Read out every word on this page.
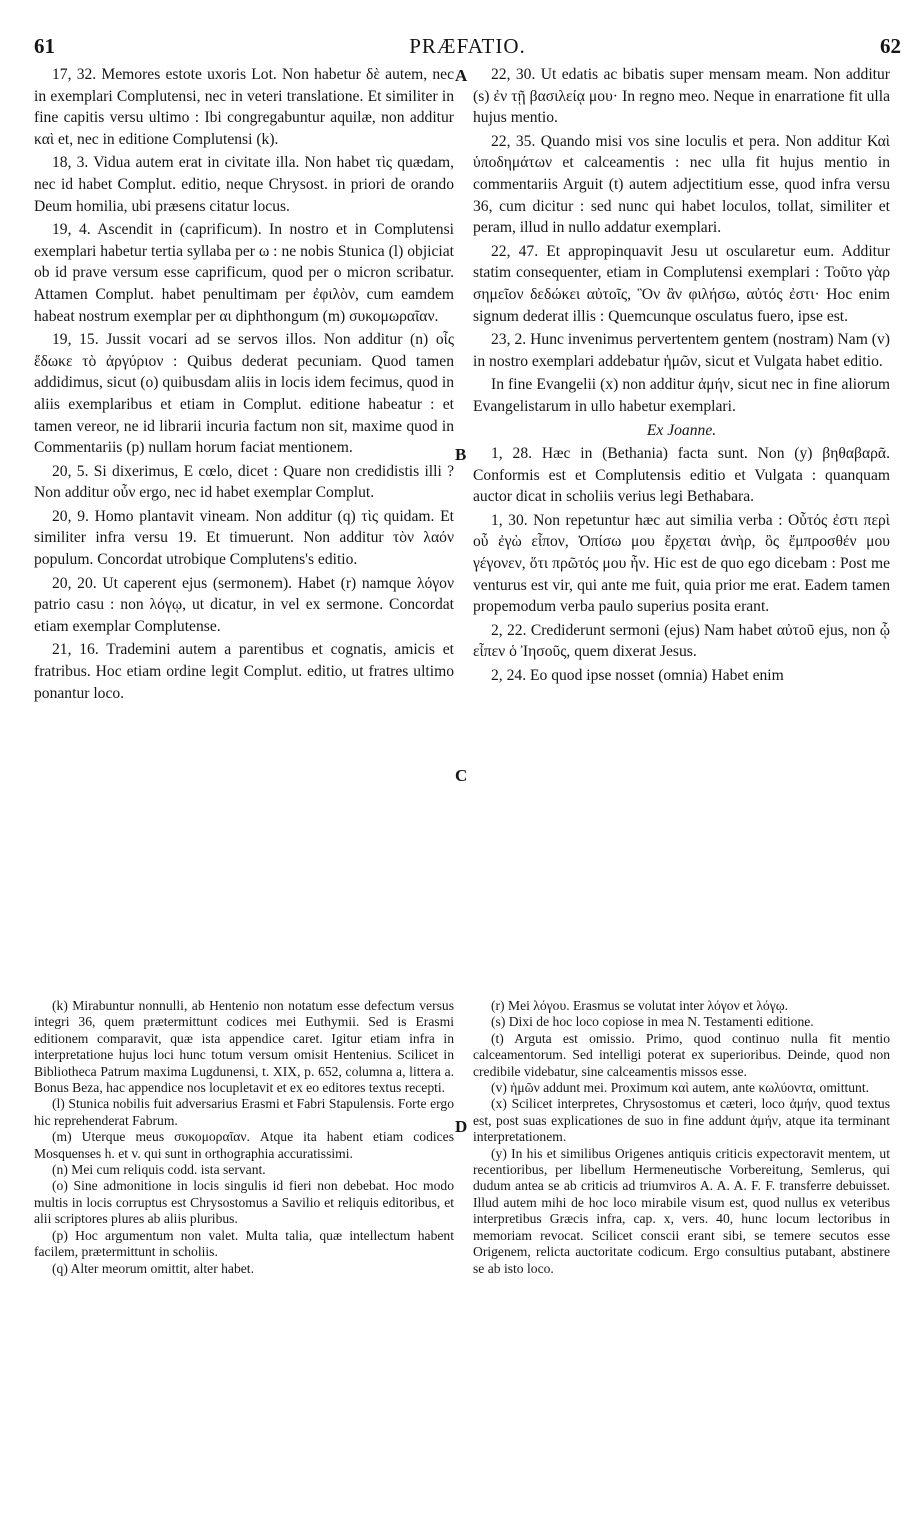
61	PRÆFATIO.	62
A
B
C
D

17, 32. Memores estote uxoris Lot. Non habetur δὲ autem, nec in exemplari Complutensi, nec in veteri translatione. Et similiter in fine capitis versu ultimo : Ibi congregabuntur aquilæ, non additur καὶ et, nec in editione Complutensi (k).

18, 3. Vidua autem erat in civitate illa. Non habet τὶς quædam, nec id habet Complut. editio, neque Chrysost. in priori de orando Deum homilia, ubi præsens citatur locus.

19, 4. Ascendit in (caprificum). In nostro et in Complutensi exemplari habetur tertia syllaba per ω : ne nobis Stunica (l) objiciat ob id prave versum esse caprificum, quod per o micron scribatur. Attamen Complut. habet penultimam per ἐφιλὸν, cum eamdem habeat nostrum exemplar per αι diphthongum (m) συκομωραῖαν.

19, 15. Jussit vocari ad se servos illos. Non additur (n) οἷς ἔδωκε τὸ ἀργύριον : Quibus dederat pecuniam. Quod tamen addidimus, sicut (o) quibusdam aliis in locis idem fecimus, quod in aliis exemplaribus et etiam in Complut. editione habeatur : et tamen vereor, ne id librarii incuria factum non sit, maxime quod in Commentariis (p) nullam horum faciat mentionem.

20, 5. Si dixerimus, E cœlo, dicet : Quare non credidistis illi ? Non additur οὖν ergo, nec id habet exemplar Complut.

20, 9. Homo plantavit vineam. Non additur (q) τὶς quidam. Et similiter infra versu 19. Et timuerunt. Non additur τὸν λαόν populum. Concordat utrobique Complutens's editio.

20, 20. Ut caperent ejus (sermonem). Habet (r) namque λόγον patrio casu : non λόγῳ, ut dicatur, in vel ex sermone. Concordat etiam exemplar Complutense.

21, 16. Trademini autem a parentibus et cognatis, amicis et fratribus. Hoc etiam ordine legit Complut. editio, ut fratres ultimo ponantur loco.

22, 30. Ut edatis ac bibatis super mensam meam. Non additur (s) ἐν τῇ βασιλείᾳ μου· In regno meo. Neque in enarratione fit ulla hujus mentio.

22, 35. Quando misi vos sine loculis et pera. Non additur Καὶ ὑποδημάτων et calceamentis : nec ulla fit hujus mentio in commentariis Arguit (t) autem adjectitium esse, quod infra versu 36, cum dicitur : sed nunc qui habet loculos, tollat, similiter et peram, illud in nullo addatur exemplari.

22, 47. Et appropinquavit Jesu ut oscularetur eum. Additur statim consequenter, etiam in Complutensi exemplari : Τοῦτο γὰρ σημεῖον δεδώκει αὐτοῖς, Ὃν ἂν φιλήσω, αὐτός ἐστι· Hoc enim signum dederat illis : Quemcunque osculatus fuero, ipse est.

23, 2. Hunc invenimus pervertentem gentem (nostram) Nam (v) in nostro exemplari addebatur ἡμῶν, sicut et Vulgata habet editio.

In fine Evangelii (x) non additur ἀμήν, sicut nec in fine aliorum Evangelistarum in ullo habetur exemplari.

Ex Joanne.

1, 28. Hæc in (Bethania) facta sunt. Non (y) βηθαβαρᾶ. Conformis est et Complutensis editio et Vulgata : quanquam auctor dicat in scholiis verius legi Bethabara.

1, 30. Non repetuntur hæc aut similia verba : Οὗτός ἐστι περὶ οὗ ἐγὼ εἶπον, Ὀπίσω μου ἔρχεται ἀνὴρ, ὃς ἔμπροσθέν μου γέγονεν, ὅτι πρῶτός μου ἦν. Hic est de quo ego dicebam : Post me venturus est vir, qui ante me fuit, quia prior me erat. Eadem tamen propemodum verba paulo superius posita erant.

2, 22. Crediderunt sermoni (ejus) Nam habet αὐτοῦ ejus, non ᾧ εἶπεν ὁ Ἰησοῦς, quem dixerat Jesus.

2, 24. Eo quod ipse nosset (omnia) Habet enim

(k) Mirabuntur nonnulli, ab Hentenio non notatum esse defectum versus integri 36, quem prætermittunt codices mei Euthymii. Sed is Erasmi editionem comparavit, quæ ista appendice caret. Igitur etiam infra in interpretatione hujus loci hunc totum versum omisit Hentenius. Scilicet in Bibliotheca Patrum maxima Lugdunensi, t. XIX, p. 652, columna a, littera a. Bonus Beza, hac appendice nos locupletavit et ex eo editores textus recepti.

(l) Stunica nobilis fuit adversarius Erasmi et Fabri Stapulensis. Forte ergo hic reprehenderat Fabrum.

(m) Uterque meus συκομοραῖαν. Atque ita habent etiam codices Mosquenses h. et v. qui sunt in orthographia accuratissimi.

(n) Mei cum reliquis codd. ista servant.

(o) Sine admonitione in locis singulis id fieri non debebat. Hoc modo multis in locis corruptus est Chrysostomus a Savilio et reliquis editoribus, et alii scriptores plures ab aliis pluribus.

(p) Hoc argumentum non valet. Multa talia, quæ intellectum habent facilem, prætermittunt in scholiis.

(q) Alter meorum omittit, alter habet.

(r) Mei λόγου. Erasmus se volutat inter λόγον et λόγῳ.

(s) Dixi de hoc loco copiose in mea N. Testamenti editione.

(t) Arguta est omissio. Primo, quod continuo nulla fit mentio calceamentorum. Sed intelligi poterat ex superioribus. Deinde, quod non credibile videbatur, sine calceamentis missos esse.

(v) ἡμῶν addunt mei. Proximum καὶ autem, ante κωλύοντα, omittunt.

(x) Scilicet interpretes, Chrysostomus et cæteri, loco ἀμήν, quod textus est, post suas explicationes de suo in fine addunt ἀμήν, atque ita terminant interpretationem.

(y) In his et similibus Origenes antiquis criticis expectoravit mentem, ut recentioribus, per libellum Hermeneutische Vorbereitung, Semlerus, qui dudum antea se ab criticis ad triumviros A. A. A. F. F. transferre debuisset. Illud autem mihi de hoc loco mirabile visum est, quod nullus ex veteribus interpretibus Græcis infra, cap. x, vers. 40, hunc locum lectoribus in memoriam revocat. Scilicet conscii erant sibi, se temere secutos esse Origenem, relicta auctoritate codicum. Ergo consultius putabant, abstinere se ab isto loco.
